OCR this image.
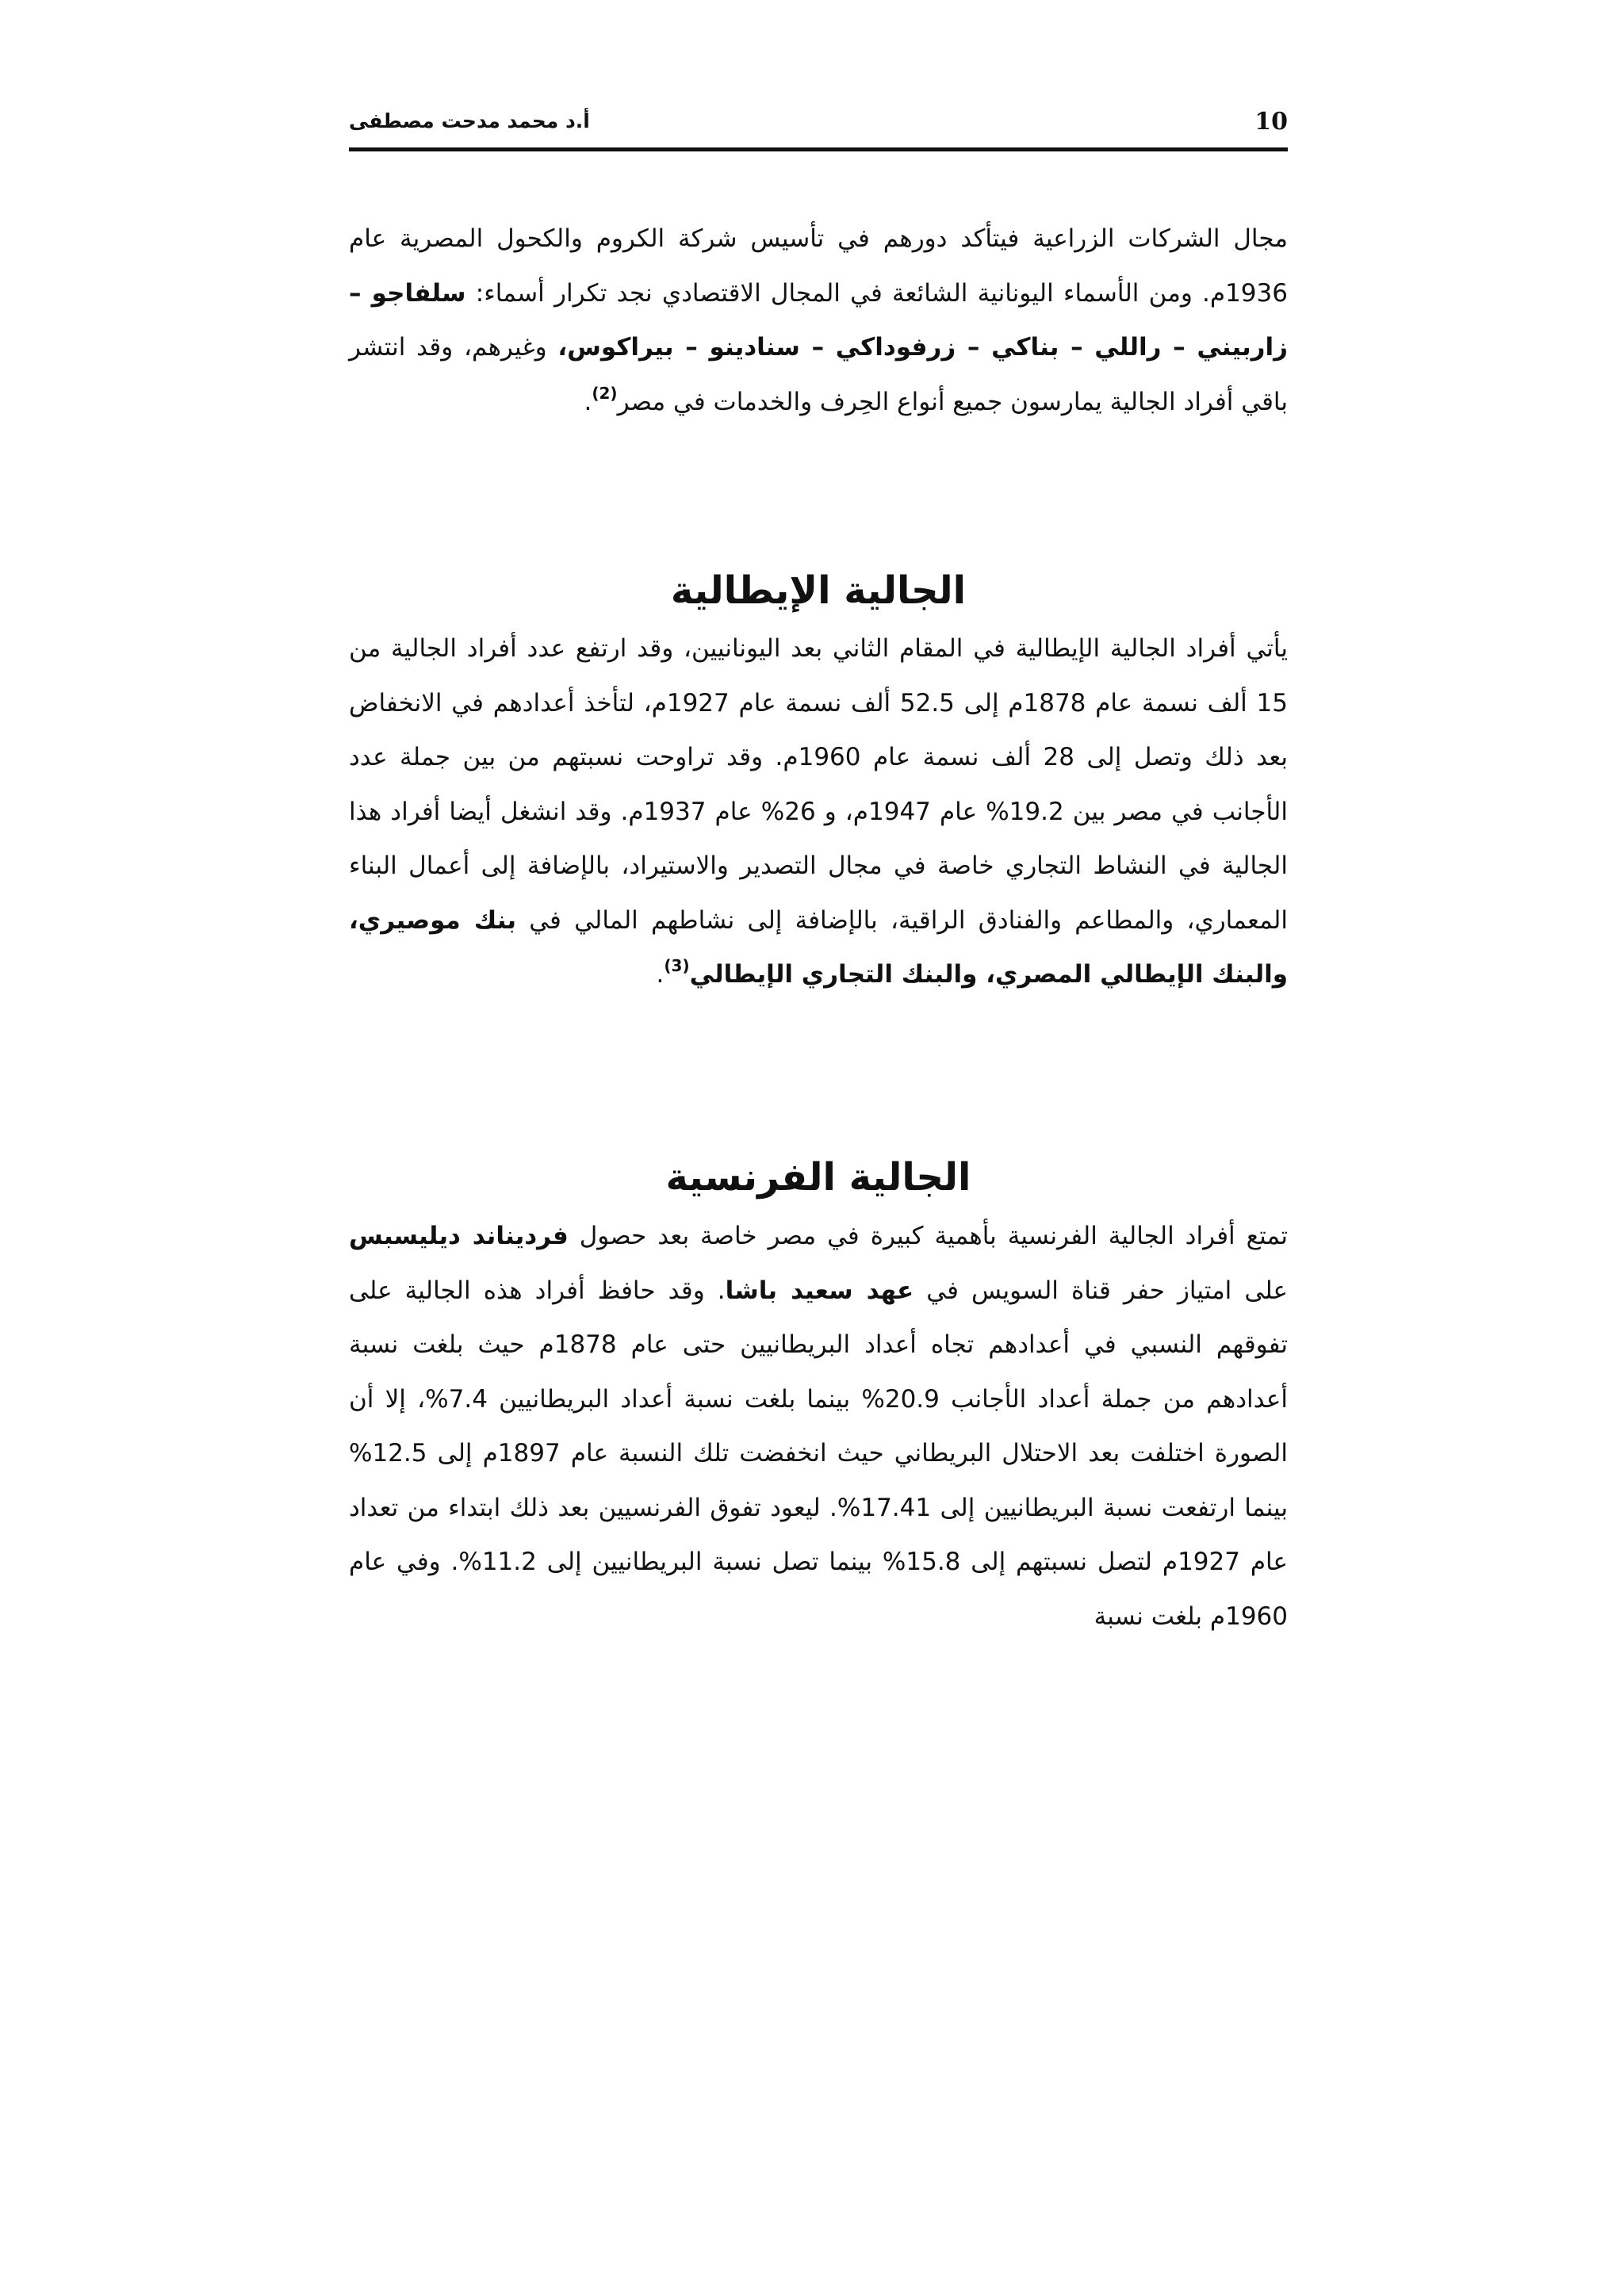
10
أ.د محمد مدحت مصطفى

مجال الشركات الزراعية فيتأكد دورهم في تأسيس شركة الكروم والكحول المصرية عام 1936م. ومن الأسماء اليونانية الشائعة في المجال الاقتصادي نجد تكرار أسماء: سلفاجو – زاربيني – راللي – بناكي – زرفوداكي – سنادينو – بيراكوس، وغيرهم، وقد انتشر باقي أفراد الجالية يمارسون جميع أنواع الحِرف والخدمات في مصر$^{(2)}$.

الجالية الإيطالية

يأتي أفراد الجالية الإيطالية في المقام الثاني بعد اليونانيين، وقد ارتفع عدد أفراد الجالية من 15 ألف نسمة عام 1878م إلى 52.5 ألف نسمة عام 1927م، لتأخذ أعدادهم في الانخفاض بعد ذلك وتصل إلى 28 ألف نسمة عام 1960م. وقد تراوحت نسبتهم من بين جملة عدد الأجانب في مصر بين 19.2% عام 1947م، و 26% عام 1937م. وقد انشغل أيضا أفراد هذا الجالية في النشاط التجاري خاصة في مجال التصدير والاستيراد، بالإضافة إلى أعمال البناء المعماري، والمطاعم والفنادق الراقية، بالإضافة إلى نشاطهم المالي في بنك موصيري، والبنك الإيطالي المصري، والبنك التجاري الإيطالي$^{(3)}$.

الجالية الفرنسية

تمتع أفراد الجالية الفرنسية بأهمية كبيرة في مصر خاصة بعد حصول فرديناند ديليسبس على امتياز حفر قناة السويس في عهد سعيد باشا. وقد حافظ أفراد هذه الجالية على تفوقهم النسبي في أعدادهم تجاه أعداد البريطانيين حتى عام 1878م حيث بلغت نسبة أعدادهم من جملة أعداد الأجانب 20.9% بينما بلغت نسبة أعداد البريطانيين 7.4%، إلا أن الصورة اختلفت بعد الاحتلال البريطاني حيث انخفضت تلك النسبة عام 1897م إلى 12.5% بينما ارتفعت نسبة البريطانيين إلى 17.41%. ليعود تفوق الفرنسيين بعد ذلك ابتداء من تعداد عام 1927م لتصل نسبتهم إلى 15.8% بينما تصل نسبة البريطانيين إلى 11.2%. وفي عام 1960م بلغت نسبة
